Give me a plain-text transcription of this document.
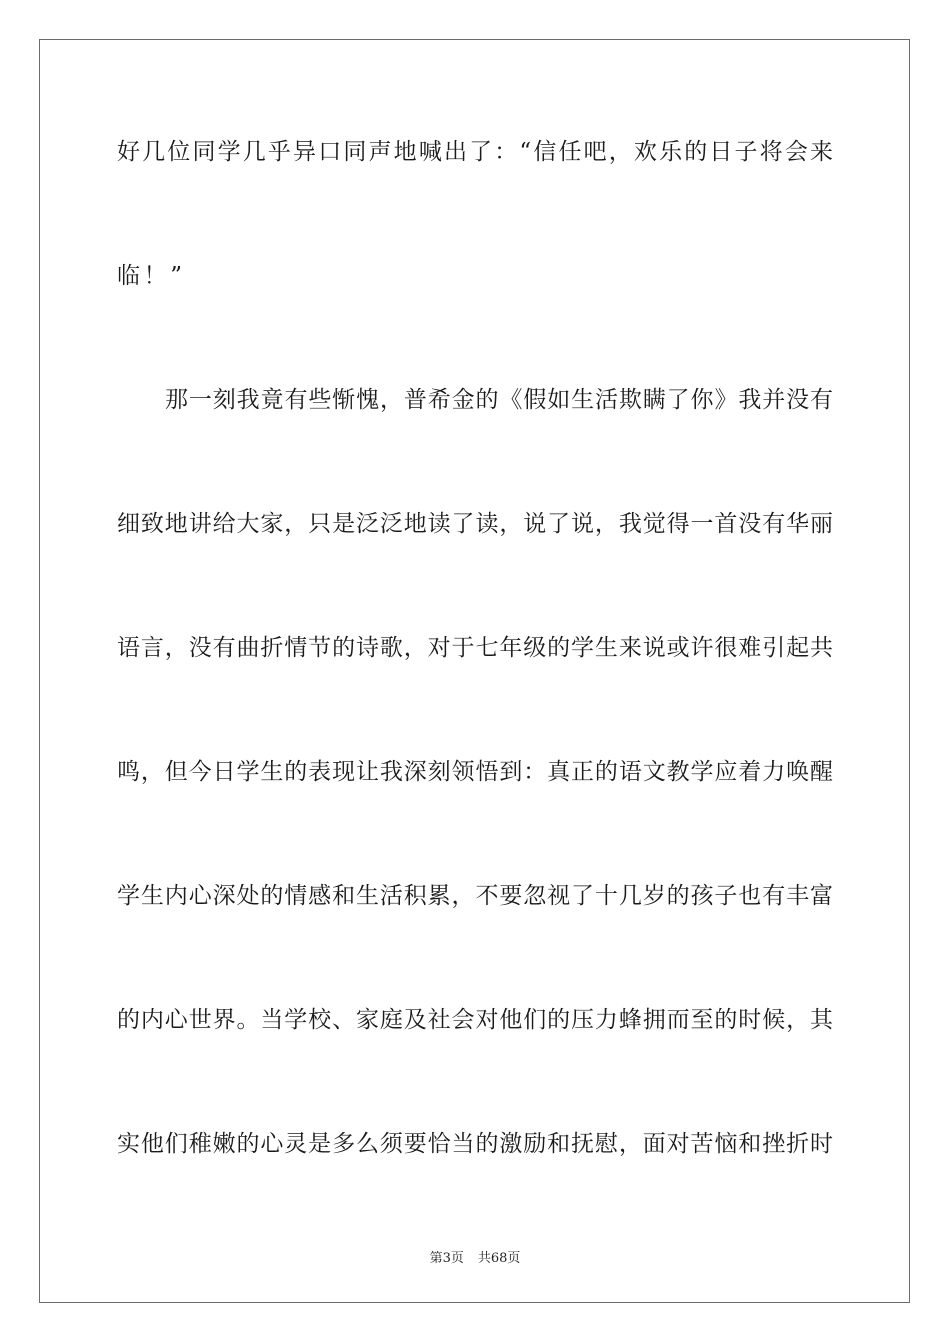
好几位同学几乎异口同声地喊出了：“信任吧，欢乐的日子将会来
临！”
那一刻我竟有些惭愧，普希金的《假如生活欺瞒了你》我并没有
细致地讲给大家，只是泛泛地读了读，说了说，我觉得一首没有华丽
语言，没有曲折情节的诗歌，对于七年级的学生来说或许很难引起共
鸣，但今日学生的表现让我深刻领悟到：真正的语文教学应着力唤醒
学生内心深处的情感和生活积累，不要忽视了十几岁的孩子也有丰富
的内心世界。当学校、家庭及社会对他们的压力蜂拥而至的时候，其
实他们稚嫩的心灵是多么须要恰当的激励和抚慰，面对苦恼和挫折时
第3页 共68页
